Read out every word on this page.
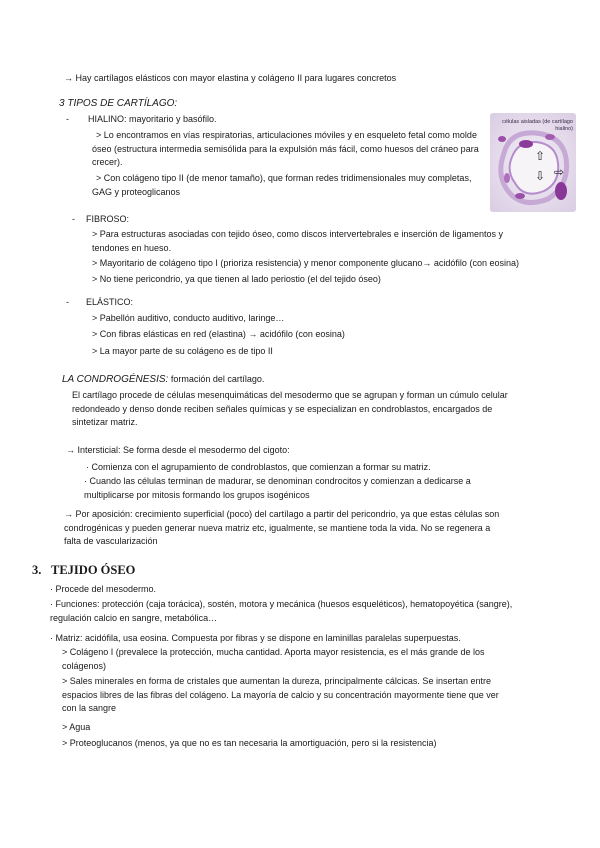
→ Hay cartílagos elásticos con mayor elastina y colágeno II para lugares concretos
3 TIPOS DE CARTÍLAGO:
- HIALINO: mayoritario y basófilo.
> Lo encontramos en vías respiratorias, articulaciones móviles y en esqueleto fetal como molde óseo (estructura intermedia semisólida para la expulsión más fácil, como huesos del cráneo para crecer).
> Con colágeno tipo II (de menor tamaño), que forman redes tridimensionales muy completas, GAG y proteoglicanos
células aisladas (de cartílago hialino)
⇧
⇩ ⇨
- FIBROSO:
> Para estructuras asociadas con tejido óseo, como discos intervertebrales e inserción de ligamentos y tendones en hueso.
> Mayoritario de colágeno tipo I (prioriza resistencia) y menor componente glucano→ acidófilo (con eosina)
> No tiene pericondrio, ya que tienen al lado periostio (el del tejido óseo)
- ELÁSTICO:
> Pabellón auditivo, conducto auditivo, laringe…
> Con fibras elásticas en red (elastina) → acidófilo (con eosina)
> La mayor parte de su colágeno es de tipo II
LA CONDROGÉNESIS: formación del cartílago.
El cartílago procede de células mesenquimáticas del mesodermo que se agrupan y forman un cúmulo celular redondeado y denso donde reciben señales químicas y se especializan en condroblastos, encargados de sintetizar matriz.
→ Intersticial: Se forma desde el mesodermo del cigoto:
· Comienza con el agrupamiento de condroblastos, que comienzan a formar su matriz.
· Cuando las células terminan de madurar, se denominan condrocitos y comienzan a dedicarse a multiplicarse por mitosis formando los grupos isogénicos
→ Por aposición: crecimiento superficial (poco) del cartílago a partir del pericondrio, ya que estas células son condrogénicas y pueden generar nueva matriz etc, igualmente, se mantiene toda la vida. No se regenera a falta de vascularización
3. TEJIDO ÓSEO
· Procede del mesodermo.
· Funciones: protección (caja torácica), sostén, motora y mecánica (huesos esqueléticos), hematopoyética (sangre), regulación calcio en sangre, metabólica…
· Matriz: acidófila, usa eosina. Compuesta por fibras y se dispone en laminillas paralelas superpuestas.
> Colágeno I (prevalece la protección, mucha cantidad. Aporta mayor resistencia, es el más grande de los colágenos)
> Sales minerales en forma de cristales que aumentan la dureza, principalmente cálcicas. Se insertan entre espacios libres de las fibras del colágeno. La mayoría de calcio y su concentración mayormente tiene que ver con la sangre
> Agua
> Proteoglucanos (menos, ya que no es tan necesaria la amortiguación, pero si la resistencia)
